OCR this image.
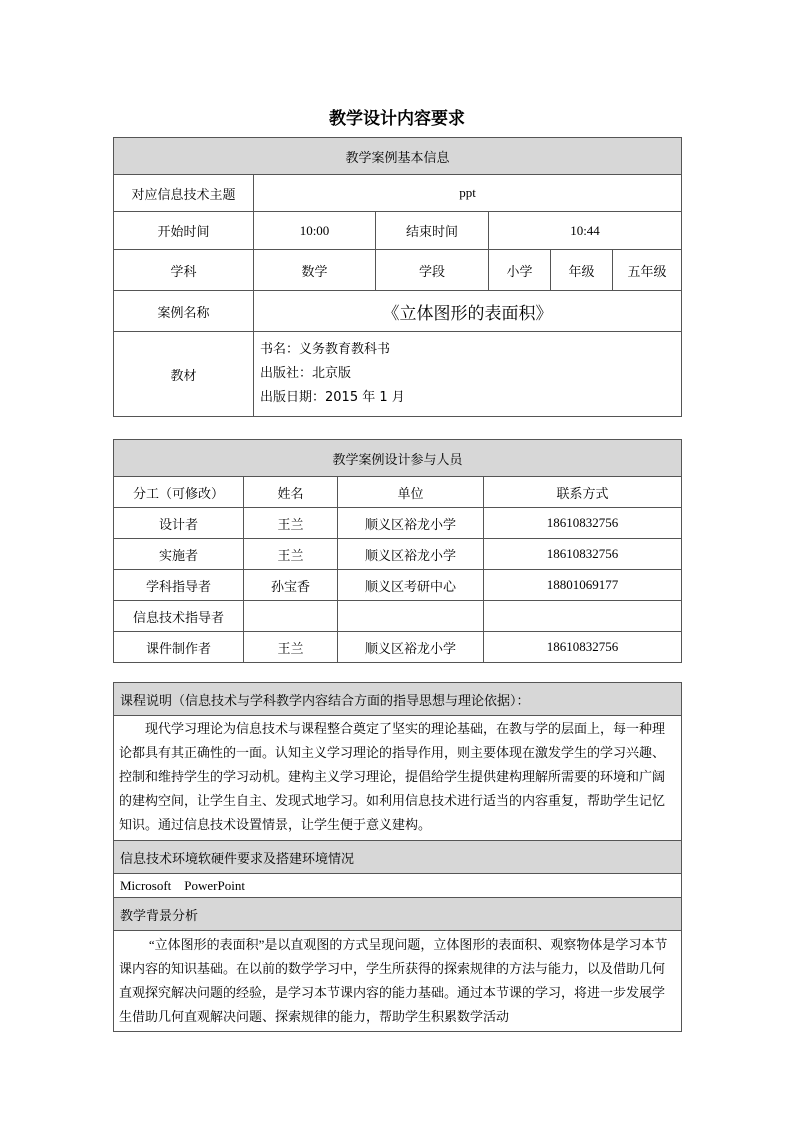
教学设计内容要求
教学案例基本信息					
对应信息技术主题	ppt				
开始时间	10:00	结束时间	10:44		
学科	数学	学段	小学	年级	五年级
案例名称	《立体图形的表面积》				
教材	书名：义务教育教科书
出版社：北京版
出版日期：2015 年 1 月				
教学案例设计参与人员			
分工（可修改）	姓名	单位	联系方式
设计者	王兰	顺义区裕龙小学	18610832756
实施者	王兰	顺义区裕龙小学	18610832756
学科指导者	孙宝香	顺义区考研中心	18801069177
信息技术指导者			
课件制作者	王兰	顺义区裕龙小学	18610832756
课程说明（信息技术与学科教学内容结合方面的指导思想与理论依据）：

现代学习理论为信息技术与课程整合奠定了坚实的理论基础，在教与学的层面上，每一种理论都具有其正确性的一面。认知主义学习理论的指导作用，则主要体现在激发学生的学习兴趣、控制和维持学生的学习动机。建构主义学习理论，提倡给学生提供建构理解所需要的环境和广阔的建构空间，让学生自主、发现式地学习。如利用信息技术进行适当的内容重复，帮助学生记忆知识。通过信息技术设置情景，让学生便于意义建构。

信息技术环境软硬件要求及搭建环境情况
Microsoft    PowerPoint
教学背景分析

“立体图形的表面积”是以直观图的方式呈现问题，立体图形的表面积、观察物体是学习本节课内容的知识基础。在以前的数学学习中，学生所获得的探索规律的方法与能力，以及借助几何直观探究解决问题的经验，是学习本节课内容的能力基础。通过本节课的学习，将进一步发展学生借助几何直观解决问题、探索规律的能力，帮助学生积累数学活动
